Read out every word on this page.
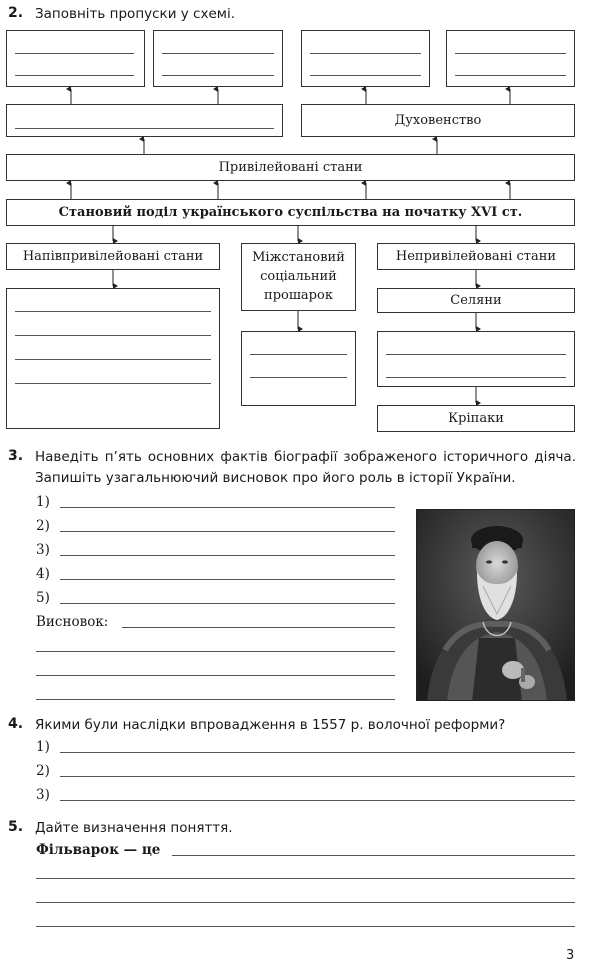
2. Заповніть пропуски у схемі.
Духовенство
Привілейовані стани
Становий поділ українського суспільства на початку XVI ст.
Напівпривілейовані стани	Міжстановий соціальний прошарок
Непривілейовані стани
Селяни
Кріпаки
3. Наведіть п’ять основних фактів біографії зображеного історичного діяча. Запишіть узагальнюючий висновок про його роль в історії України.
1)
2)
3)
4)
5)
Висновок:
4. Якими були наслідки впровадження в 1557 р. волочної реформи?
1)
2)
3)
5. Дайте визначення поняття.
Фільварок — це
3
